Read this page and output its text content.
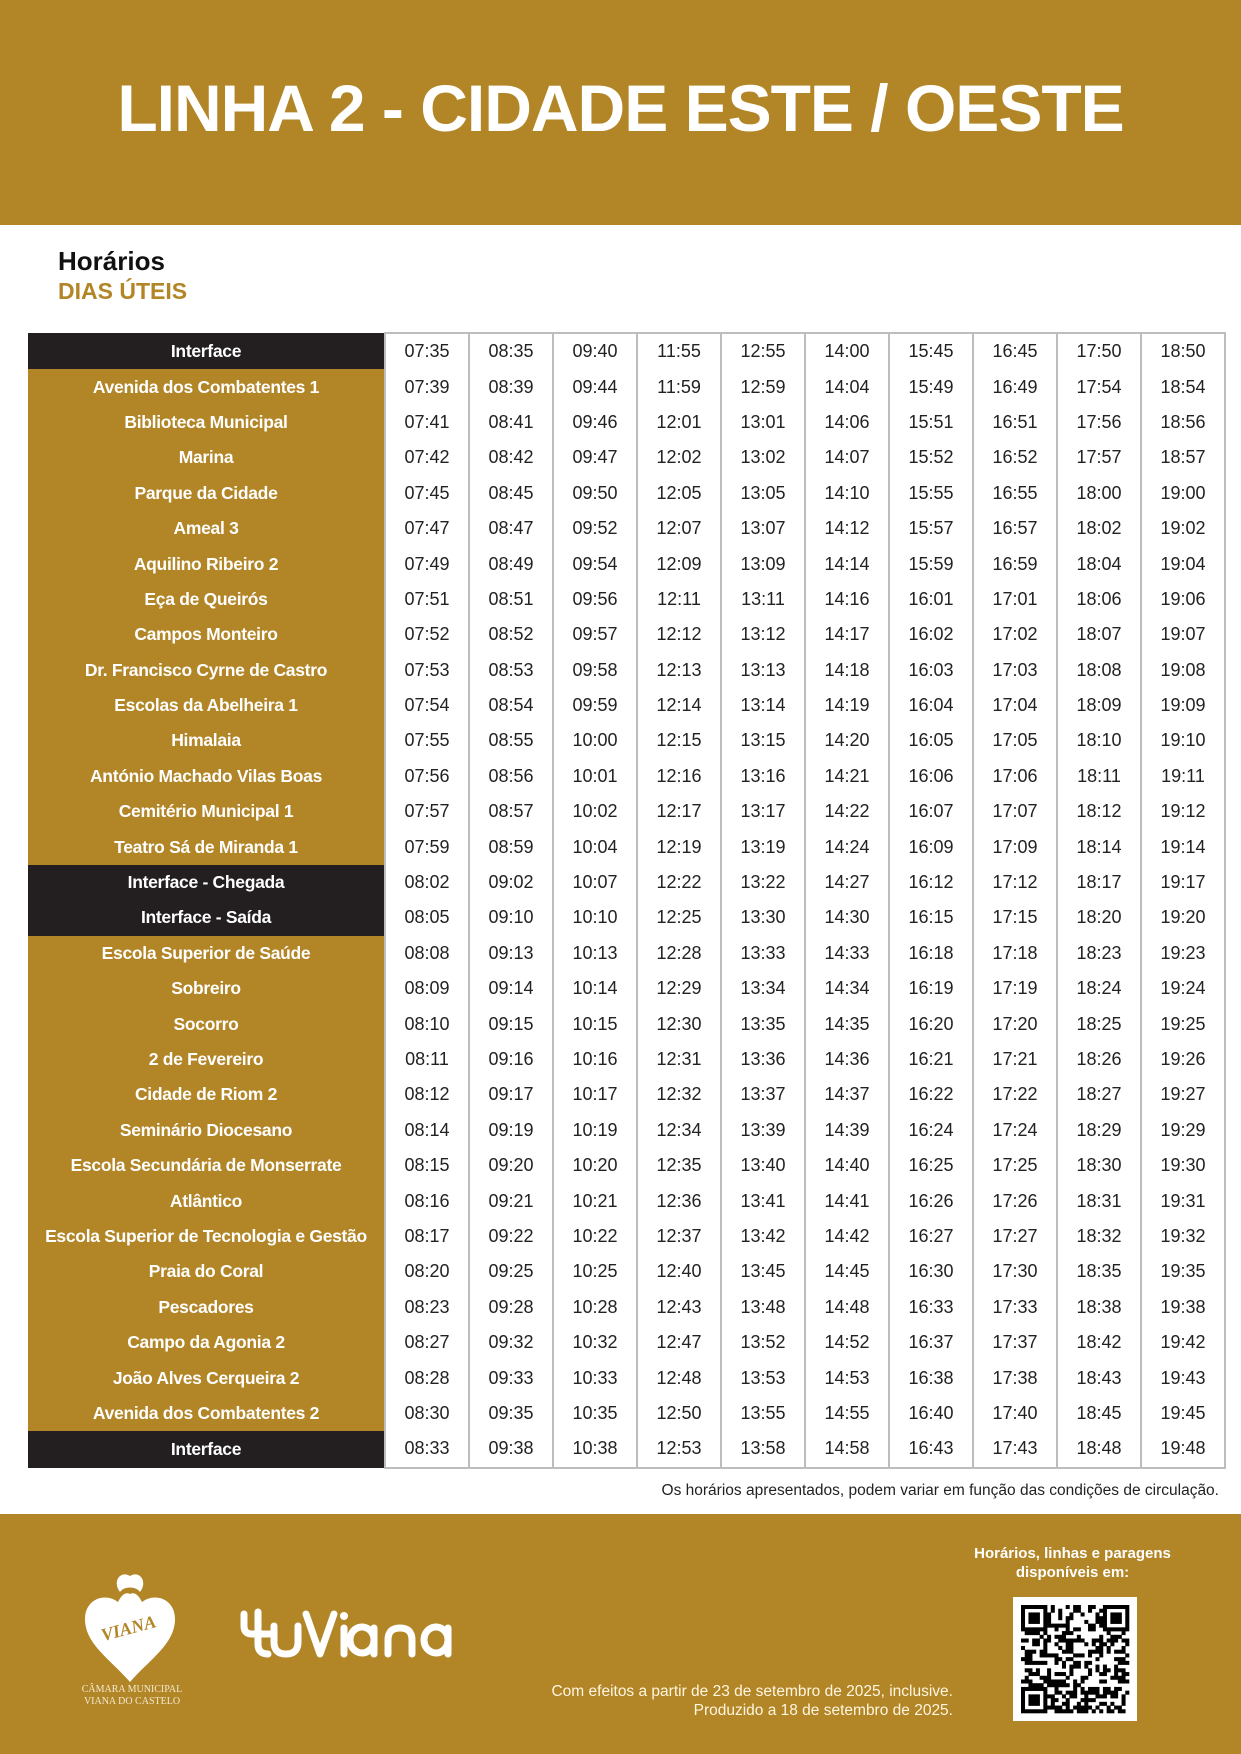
LINHA 2 - CIDADE ESTE / OESTE
Horários
DIAS ÚTEIS
Interface	07:35	08:35	09:40	11:55	12:55	14:00	15:45	16:45	17:50	18:50
Avenida dos Combatentes 1	07:39	08:39	09:44	11:59	12:59	14:04	15:49	16:49	17:54	18:54
Biblioteca Municipal	07:41	08:41	09:46	12:01	13:01	14:06	15:51	16:51	17:56	18:56
Marina	07:42	08:42	09:47	12:02	13:02	14:07	15:52	16:52	17:57	18:57
Parque da Cidade	07:45	08:45	09:50	12:05	13:05	14:10	15:55	16:55	18:00	19:00
Ameal 3	07:47	08:47	09:52	12:07	13:07	14:12	15:57	16:57	18:02	19:02
Aquilino Ribeiro 2	07:49	08:49	09:54	12:09	13:09	14:14	15:59	16:59	18:04	19:04
Eça de Queirós	07:51	08:51	09:56	12:11	13:11	14:16	16:01	17:01	18:06	19:06
Campos Monteiro	07:52	08:52	09:57	12:12	13:12	14:17	16:02	17:02	18:07	19:07
Dr. Francisco Cyrne de Castro	07:53	08:53	09:58	12:13	13:13	14:18	16:03	17:03	18:08	19:08
Escolas da Abelheira 1	07:54	08:54	09:59	12:14	13:14	14:19	16:04	17:04	18:09	19:09
Himalaia	07:55	08:55	10:00	12:15	13:15	14:20	16:05	17:05	18:10	19:10
António Machado Vilas Boas	07:56	08:56	10:01	12:16	13:16	14:21	16:06	17:06	18:11	19:11
Cemitério Municipal 1	07:57	08:57	10:02	12:17	13:17	14:22	16:07	17:07	18:12	19:12
Teatro Sá de Miranda 1	07:59	08:59	10:04	12:19	13:19	14:24	16:09	17:09	18:14	19:14
Interface - Chegada	08:02	09:02	10:07	12:22	13:22	14:27	16:12	17:12	18:17	19:17
Interface - Saída	08:05	09:10	10:10	12:25	13:30	14:30	16:15	17:15	18:20	19:20
Escola Superior de Saúde	08:08	09:13	10:13	12:28	13:33	14:33	16:18	17:18	18:23	19:23
Sobreiro	08:09	09:14	10:14	12:29	13:34	14:34	16:19	17:19	18:24	19:24
Socorro	08:10	09:15	10:15	12:30	13:35	14:35	16:20	17:20	18:25	19:25
2 de Fevereiro	08:11	09:16	10:16	12:31	13:36	14:36	16:21	17:21	18:26	19:26
Cidade de Riom 2	08:12	09:17	10:17	12:32	13:37	14:37	16:22	17:22	18:27	19:27
Seminário Diocesano	08:14	09:19	10:19	12:34	13:39	14:39	16:24	17:24	18:29	19:29
Escola Secundária de Monserrate	08:15	09:20	10:20	12:35	13:40	14:40	16:25	17:25	18:30	19:30
Atlântico	08:16	09:21	10:21	12:36	13:41	14:41	16:26	17:26	18:31	19:31
Escola Superior de Tecnologia e Gestão	08:17	09:22	10:22	12:37	13:42	14:42	16:27	17:27	18:32	19:32
Praia do Coral	08:20	09:25	10:25	12:40	13:45	14:45	16:30	17:30	18:35	19:35
Pescadores	08:23	09:28	10:28	12:43	13:48	14:48	16:33	17:33	18:38	19:38
Campo da Agonia 2	08:27	09:32	10:32	12:47	13:52	14:52	16:37	17:37	18:42	19:42
João Alves Cerqueira 2	08:28	09:33	10:33	12:48	13:53	14:53	16:38	17:38	18:43	19:43
Avenida dos Combatentes 2	08:30	09:35	10:35	12:50	13:55	14:55	16:40	17:40	18:45	19:45
Interface	08:33	09:38	10:38	12:53	13:58	14:58	16:43	17:43	18:48	19:48
Os horários apresentados, podem variar em função das condições de circulação.
VIANA
CÂMARA MUNICIPAL
VIANA DO CASTELO
Com efeitos a partir de 23 de setembro de 2025, inclusive.
Produzido a 18 de setembro de 2025.
Horários, linhas e paragens
disponíveis em:
